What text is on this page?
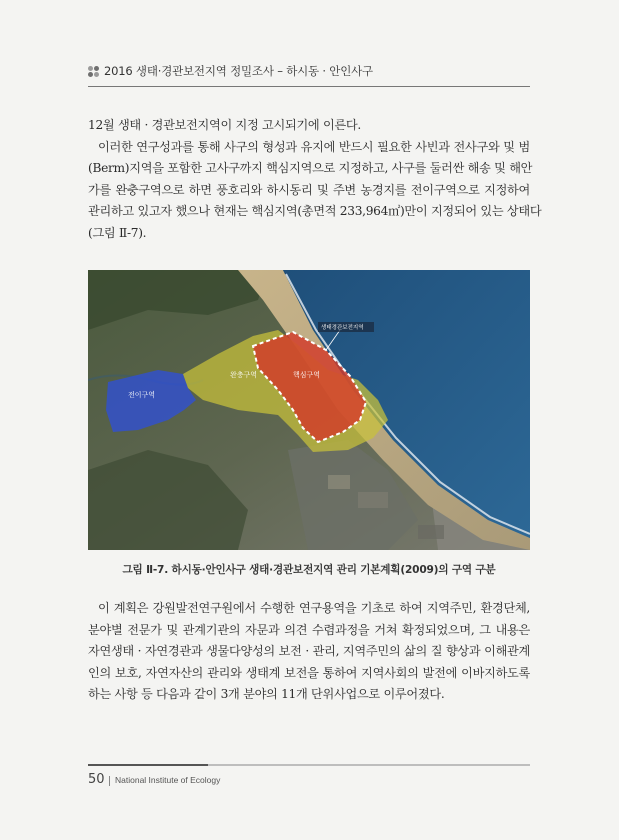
2016 생태·경관보전지역 정밀조사 – 하시동 · 안인사구
12월 생태 · 경관보전지역이 지정 고시되기에 이른다.
이러한 연구성과를 통해 사구의 형성과 유지에 반드시 필요한 사빈과 전사구와 및 범
(Berm)지역을 포함한 고사구까지 핵심지역으로 지정하고, 사구를 둘러싼 해송 및 해안
가를 완충구역으로 하면 풍호리와 하시동리 및 주변 농경지를 전이구역으로 지정하여
관리하고 있고자 했으나 현재는 핵심지역(총면적 233,964㎡)만이 지정되어 있는 상태다
(그림 Ⅱ-7).
전이구역
완충구역	핵심구역
생태경관보전지역
그림 Ⅱ-7. 하시동·안인사구 생태·경관보전지역 관리 기본계획(2009)의 구역 구분
이 계획은 강원발전연구원에서 수행한 연구용역을 기초로 하여 지역주민, 환경단체,
분야별 전문가 및 관계기관의 자문과 의견 수렴과정을 거쳐 확정되었으며, 그 내용은
자연생태 · 자연경관과 생물다양성의 보전 · 관리, 지역주민의 삶의 질 향상과 이해관계
인의 보호, 자연자산의 관리와 생태계 보전을 통하여 지역사회의 발전에 이바지하도록
하는 사항 등 다음과 같이 3개 분야의 11개 단위사업으로 이루어졌다.
50 National Institute of Ecology
